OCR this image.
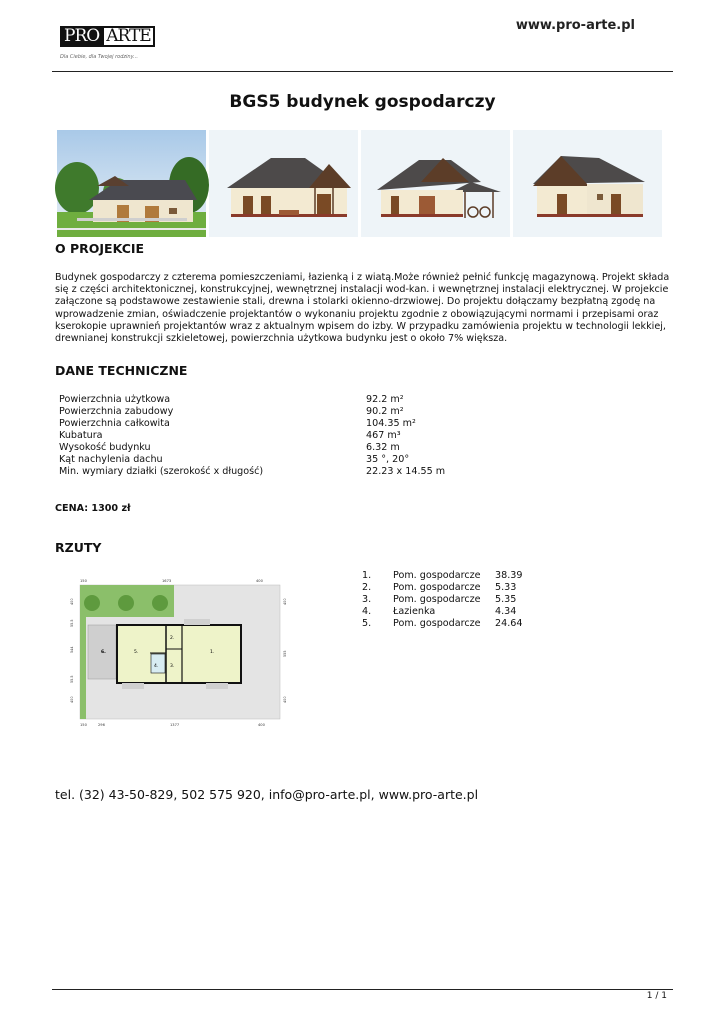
PRO ARTE
Dla Ciebie, dla Twojej rodziny...
www.pro-arte.pl
BGS5 budynek gospodarczy
O PROJEKCIE
Budynek gospodarczy z czterema pomieszczeniami, łazienką i z wiatą.Może również pełnić funkcję magazynową. Projekt składa się z części architektonicznej, konstrukcyjnej, wewnętrznej instalacji wod-kan. i wewnętrznej instalacji elektrycznej. W projekcie załączone są podstawowe zestawienie stali, drewna i stolarki okienno-drzwiowej. Do projektu dołączamy bezpłatną zgodę na wprowadzenie zmian, oświadczenie projektantów o wykonaniu projektu zgodnie z obowiązującymi normami i przepisami oraz kserokopie uprawnień projektantów wraz z aktualnym wpisem do izby. W przypadku zamówienia projektu w technologii lekkiej, drewnianej konstrukcji szkieletowej, powierzchnia użytkowa budynku jest o około 7% większa.
DANE TECHNICZNE
Powierzchnia użytkowa	92.2 m²
Powierzchnia zabudowy	90.2 m²
Powierzchnia całkowita	104.35 m²
Kubatura	467 m³
Wysokość budynku	6.32 m
Kąt nachylenia dachu	35 °, 20°
Min. wymiary działki (szerokość x długość)	22.23 x 14.55 m
CENA: 1300 zł
RZUTY
6.	5.
2.
3.
4.
1.
150	1673	400
150	296	1377	400
400
55.5
544
55.5
400
400
555
400
1.	Pom. gospodarcze	38.39
2.	Pom. gospodarcze	5.33
3.	Pom. gospodarcze	5.35
4.	Łazienka	4.34
5.	Pom. gospodarcze	24.64
tel. (32) 43-50-829, 502 575 920, info@pro-arte.pl, www.pro-arte.pl
1 / 1
